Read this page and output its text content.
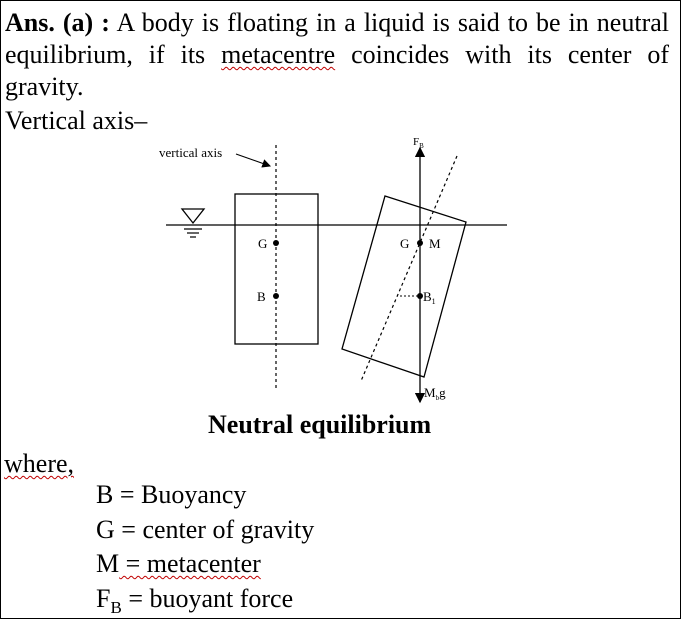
Ans. (a) : A body is floating in a liquid is said to be in neutral equilibrium, if its metacentre coincides with its center of gravity.
Vertical axis–
G
B
vertical axis
G M
$B_1$
$F_B$
$M_bg$
Neutral equilibrium
where,
B = Buoyancy
G = center of gravity
M = metacenter
$F_B$ = buoyant force
